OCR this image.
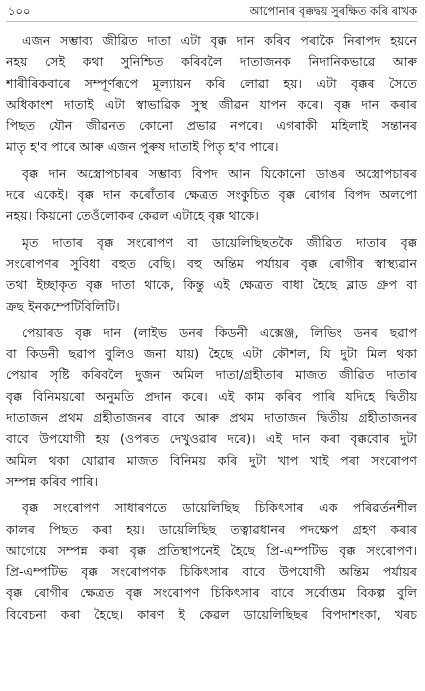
১০০	আপোনাৰ বৃক্কদ্বয় সুৰক্ষিত কৰি ৰাখক
এজন সম্ভাব্য জীৱিত দাতা এটা বৃক্ক দান কৰিব পৰাকৈ নিৰাপদ হয়নে
নহয় সেই কথা সুনিশ্চিত কৰিবলৈ দাতাজনক নিদানিকভাৱে আৰু
শাৰীৰিকবাৰে সম্পূৰ্ণৰূপে মূল্যায়ন কৰি লোৱা হয়। এটা বৃক্কৰ সৈতে
অধিকাংশ দাতাই এটা স্বাভাৱিক সুস্থ জীৱন যাপন কৰে। বৃক্ক দান কৰাৰ
পিছত যৌন জীৱনত কোনো প্ৰভাৱ নপৰে। এগৰাকী মহিলাই সন্তানৰ
মাতৃ হ'ব পাৰে আৰু এজন পুৰুষ দাতাই পিতৃ হ'ব পাৰে।
বৃক্ক দান অস্ত্ৰোপচাৰৰ সম্ভাব্য বিপদ আন যিকোনো ডাঙৰ অস্ত্ৰোপচাৰৰ
দৰে একেই। বৃক্ক দান কৰোঁতাৰ ক্ষেত্ৰত সংকুচিত বৃক্ক ৰোগৰ বিপদ অলপো
নহয়। কিয়নো তেওঁলোকৰ কেৱল এটাহে বৃক্ক থাকে।
মৃত দাতাৰ বৃক্ক সংৰোপণ বা ডায়েলিছিছতকৈ জীৱিত দাতাৰ বৃক্ক
সংৰোপণৰ সুবিধা বহুত বেছি। বহু অন্তিম পৰ্যায়ৰ বৃক্ক ৰোগীৰ স্বাস্থ্যৱান
তথা ইচ্ছাকৃত বৃক্ক দাতা থাকে, কিন্তু এই ক্ষেত্ৰত বাধা হৈছে ব্লাড গ্ৰুপ বা
ক্ৰছ ইনকম্পেটিবিলিটি।
পেয়াৰড বৃক্ক দান (লাইভ ডনৰ কিডনী এক্সেঞ্জ, লিভিং ডনৰ ছৱাপ
বা কিডনী ছৱাপ বুলিও জনা যায়) হৈছে এটা কৌশল, যি দুটা মিল থকা
পেয়াৰ সৃষ্টি কৰিবলৈ দুজন অমিল দাতা/গ্ৰহীতাৰ মাজত জীৱিত দাতাৰ
বৃক্ক বিনিময়ৰো অনুমতি প্ৰদান কৰে। এই কাম কৰিব পাৰি যদিহে দ্বিতীয়
দাতাজন প্ৰথম গ্ৰহীতাজনৰ বাবে আৰু প্ৰথম দাতাজন দ্বিতীয় গ্ৰহীতাজনৰ
বাবে উপযোগী হয় (ওপৰত দেখুওৱাৰ দৰে)। এই দান কৰা বৃক্কবোৰ দুটা
অমিল থকা যোৱাৰ মাজত বিনিময় কৰি দুটা খাপ খাই পৰা সংৰোপণ
সম্পন্ন কৰিব পাৰি।
বৃক্ক সংৰোপণ সাধাৰণতে ডায়েলিছিছ চিকিৎসাৰ এক পৰিৱৰ্তনশীল
কালৰ পিছত কৰা হয়। ডায়েলিছিছ তত্বাৱধানৰ পদক্ষেপ গ্ৰহণ কৰাৰ
আগেয়ে সম্পন্ন কৰা বৃক্ক প্ৰতিস্থাপনেই হৈছে প্ৰি-এম্পটিভ বৃক্ক সংৰোপণ।
প্ৰি-এম্পটিভ বৃক্ক সংৰোপণক চিকিৎসাৰ বাবে উপযোগী অন্তিম পৰ্যায়ৰ
বৃক্ক ৰোগীৰ ক্ষেত্ৰত বৃক্ক সংৰোপণ চিকিৎসাৰ বাবে সৰ্বোত্তম বিকল্প বুলি
বিবেচনা কৰা হৈছে। কাৰণ ই কেৱল ডায়েলিছিছৰ বিপদাশংকা, খৰচ
